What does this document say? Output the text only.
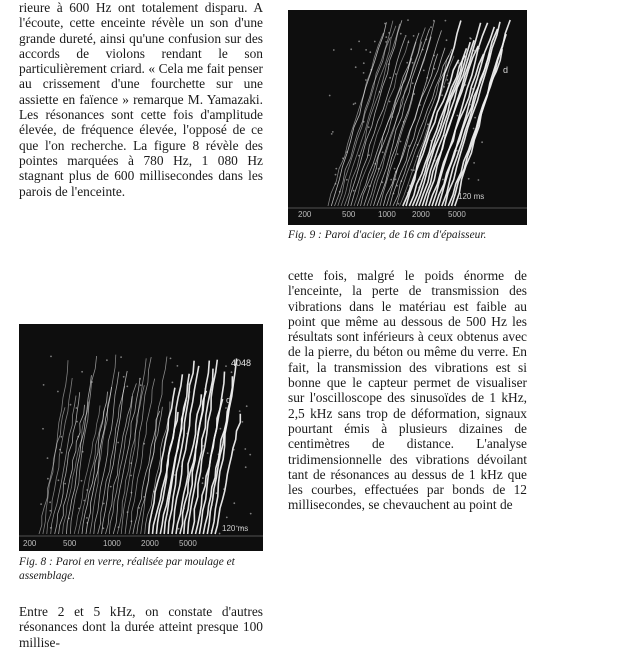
rieure à 600 Hz ont totalement disparu. A l'écoute, cette enceinte révèle un son d'une grande dureté, ainsi qu'une confusion sur des accords de violons rendant le son particulièrement criard. « Cela me fait penser au crissement d'une fourchette sur une assiette en faïence » remarque M. Yamazaki. Les résonances sont cette fois d'amplitude élevée, de fréquence élevée, l'opposé de ce que l'on recherche. La figure 8 révèle des pointes marquées à 780 Hz, 1 080 Hz stagnant plus de 600 millisecondes dans les parois de l'enceinte.

4048
d
120 ms
200	500	1000	2000	5000
Fig. 8 : Paroi en verre, réalisée par moulage et assemblage.
Entre 2 et 5 kHz, on constate d'autres résonances dont la durée atteint presque 100 millise-
d
120 ms
200	500	1000 2000 5000
Fig. 9 : Paroi d'acier, de 16 cm d'épaisseur.

cette fois, malgré le poids énorme de l'enceinte, la perte de transmission des vibrations dans le matériau est faible au point que même au dessous de 500 Hz les résultats sont inférieurs à ceux obtenus avec de la pierre, du béton ou même du verre. En fait, la transmission des vibrations est si bonne que le capteur permet de visualiser sur l'oscilloscope des sinusoïdes de 1 kHz, 2,5 kHz sans trop de déformation, signaux pourtant émis à plusieurs dizaines de centimètres de distance. L'analyse tridimensionnelle des vibrations dévoilant tant de résonances au dessus de 1 kHz que les courbes, effectuées par bonds de 12 millisecondes, se chevauchent au point de
